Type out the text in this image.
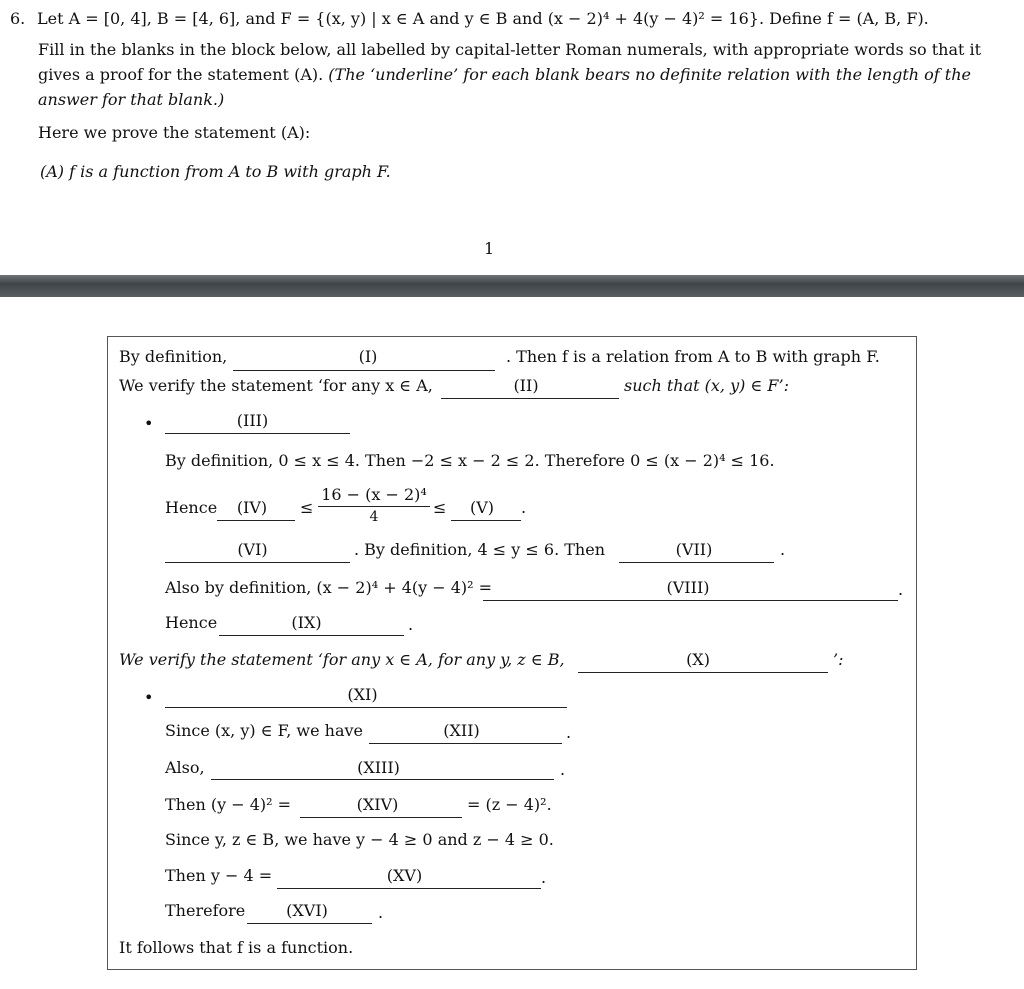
6. Let A = [0, 4], B = [4, 6], and F = {(x, y) | x ∈ A and y ∈ B and (x − 2)⁴ + 4(y − 4)² = 16}. Define f = (A, B, F).
Fill in the blanks in the block below, all labelled by capital-letter Roman numerals, with appropriate words so that it
gives a proof for the statement (A). (The ‘underline’ for each blank bears no definite relation with the length of the
answer for that blank.)
Here we prove the statement (A):
(A) f is a function from A to B with graph F.
1
By definition,	(I)	. Then f is a relation from A to B with graph F.
We verify the statement ‘for any x ∈ A,	(II)	such that (x, y) ∈ F’:
•	(III)
By definition, 0 ≤ x ≤ 4. Then −2 ≤ x − 2 ≤ 2. Therefore 0 ≤ (x − 2)⁴ ≤ 16.
Hence	(IV)	≤
16 − (x − 2)⁴
4	≤	(V)	.
(VI)	. By definition, 4 ≤ y ≤ 6. Then	(VII)	.
Also by definition, (x − 2)⁴ + 4(y − 4)² =	(VIII)	.
Hence	(IX)	.
We verify the statement ‘for any x ∈ A, for any y, z ∈ B,	(X)	’:
•	(XI)
Since (x, y) ∈ F, we have	(XII)	.
Also,	(XIII)	.
Then (y − 4)² =	(XIV)	= (z − 4)².
Since y, z ∈ B, we have y − 4 ≥ 0 and z − 4 ≥ 0.
Then y − 4 =	(XV)	.
Therefore	(XVI)	.
It follows that f is a function.
